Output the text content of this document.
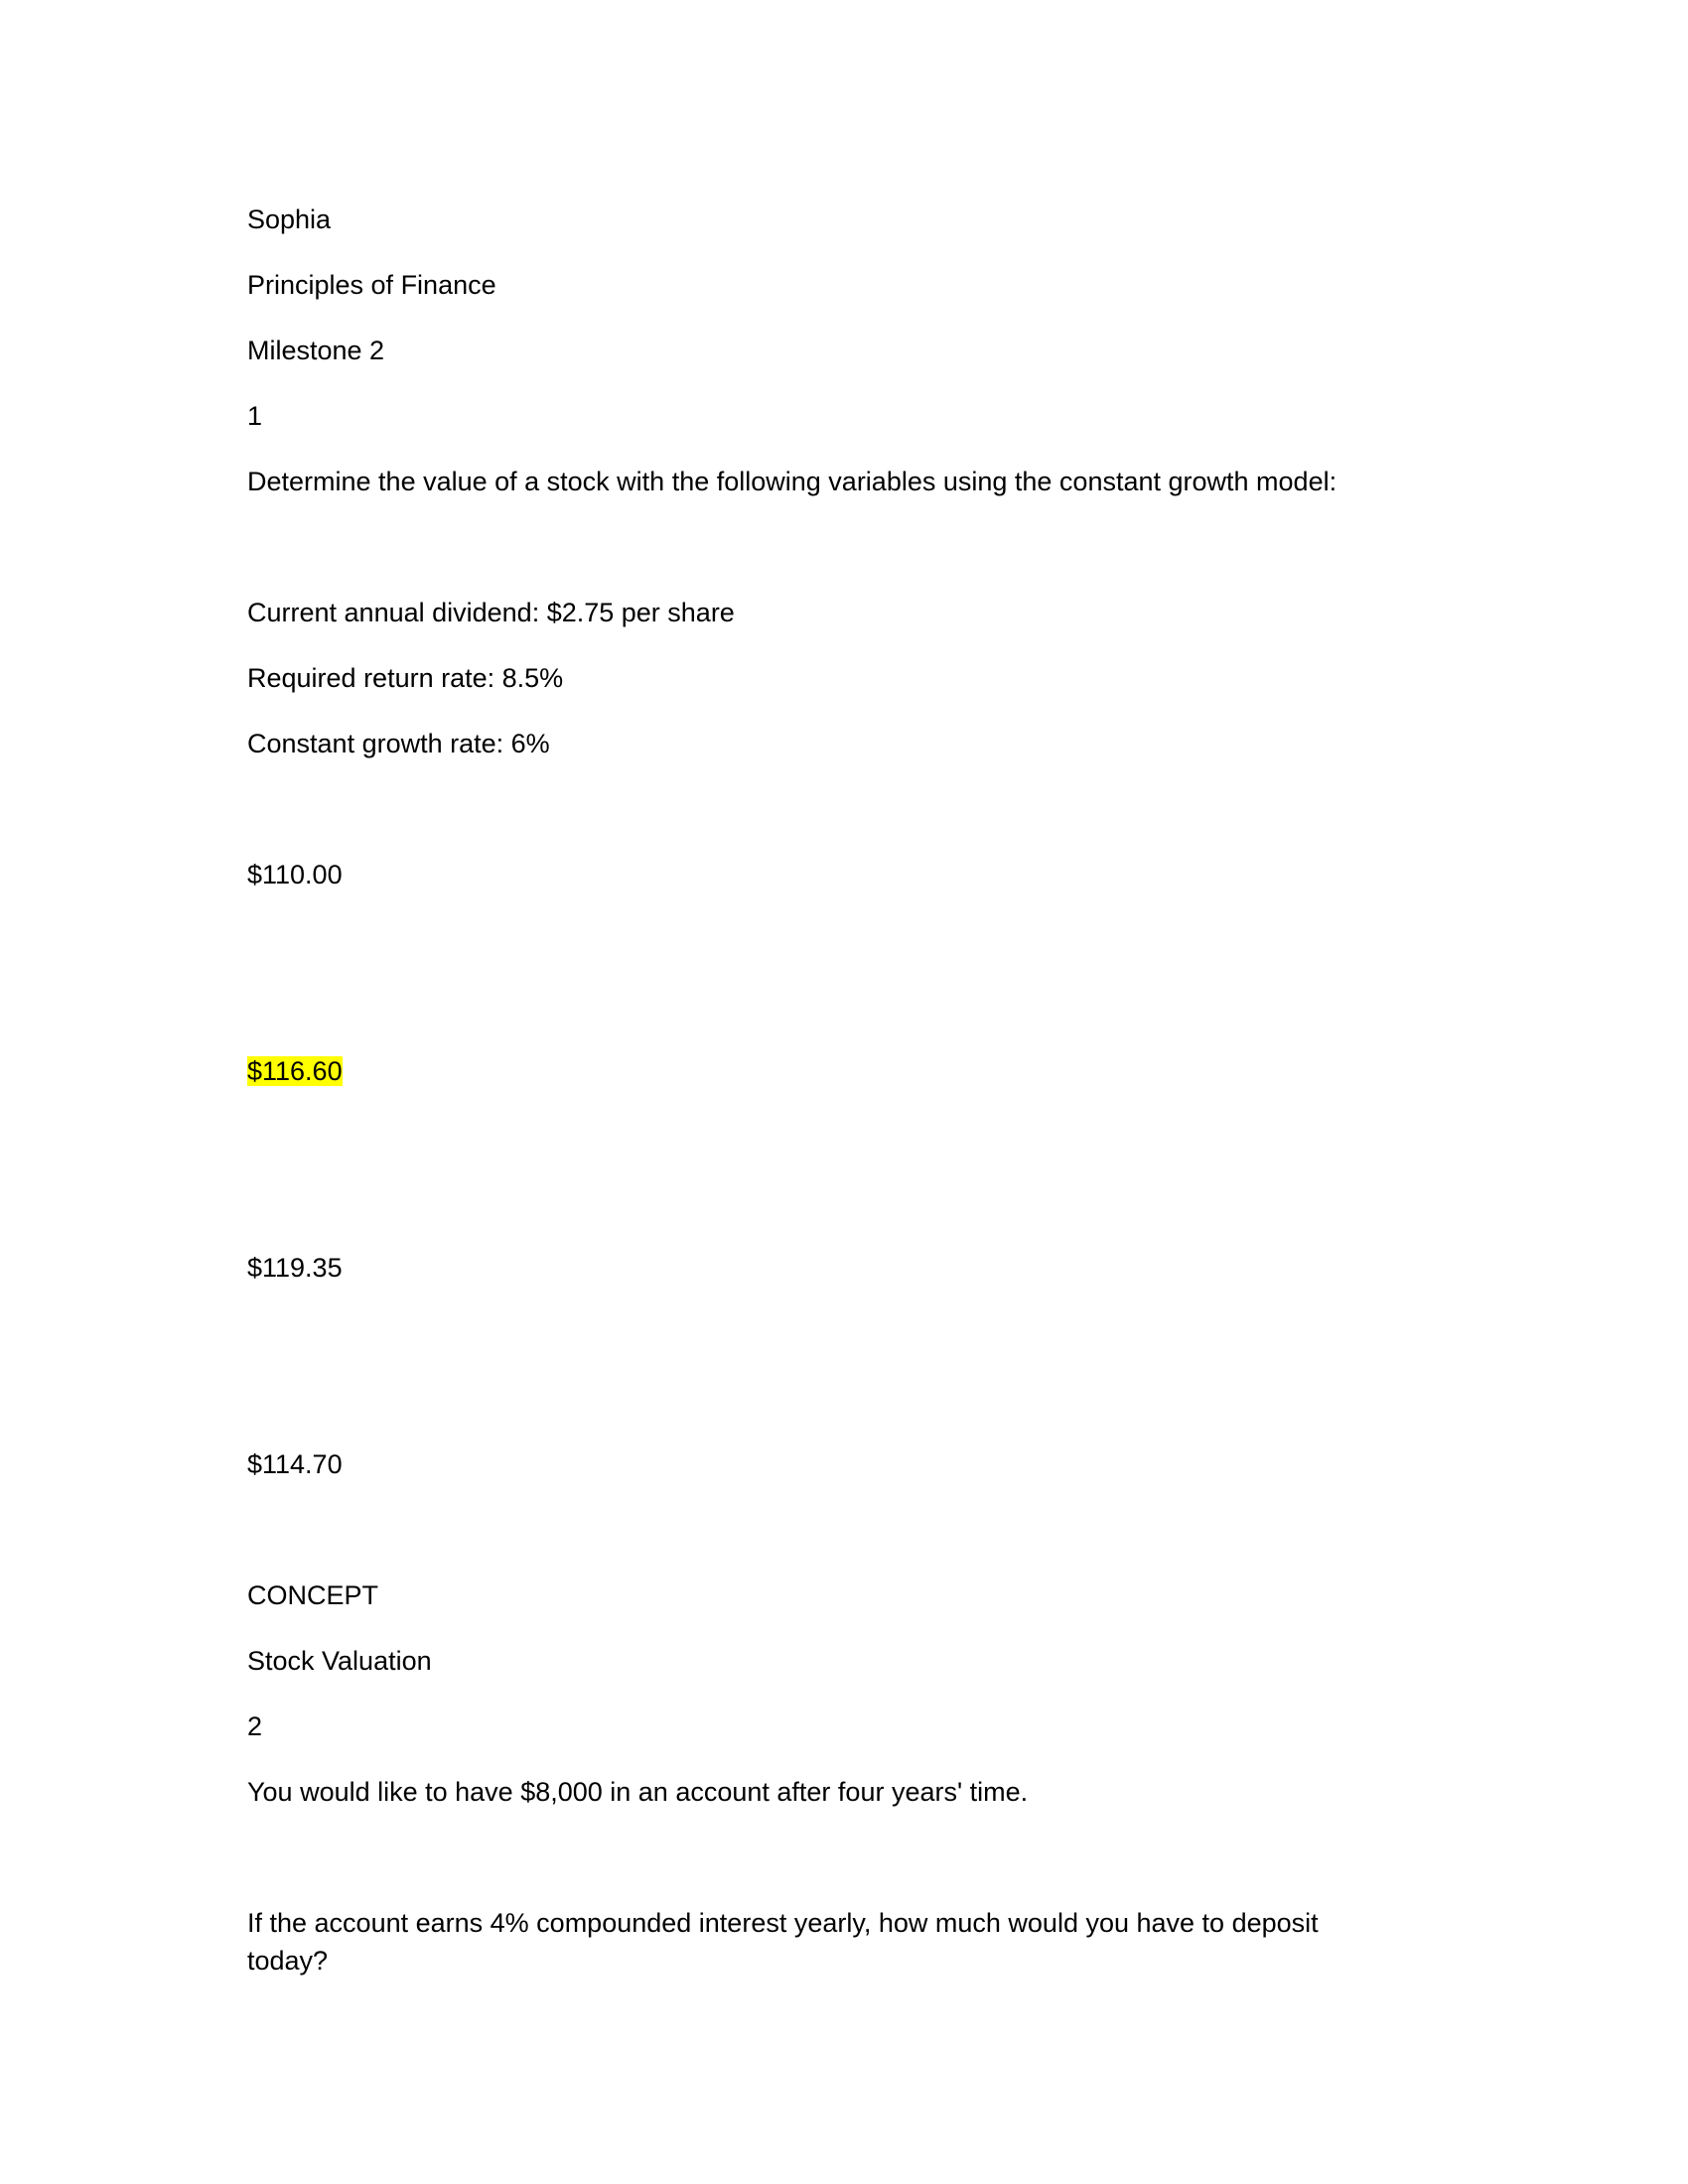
Sophia
Principles of Finance
Milestone 2
1
Determine the value of a stock with the following variables using the constant growth model:
Current annual dividend: $2.75 per share
Required return rate: 8.5%
Constant growth rate: 6%
$110.00
$116.60
$119.35
$114.70
CONCEPT
Stock Valuation
2
You would like to have $8,000 in an account after four years' time.
If the account earns 4% compounded interest yearly, how much would you have to deposit today?
